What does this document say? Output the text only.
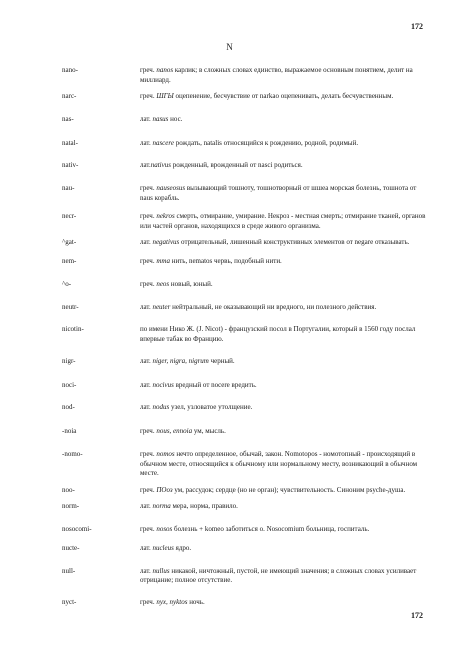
172
N
nano-	греч. nanos карлик; в сложных словах единство, выражаемое основным понятием, делит на миллиард.
narc-	греч. ШГЫ оцепенение, бесчувствие от narkao оцепенивать, делать бесчувственным.
nas-	лат. nasus нос.
natal-	лат. nascere рождать, natalis относящийся к рождению, родной, родимый.
nativ-	лат.nativus рожденный, врожденный от nasci родиться.
nau-	греч. nauseosus вызывающий тошноту, тошнотворный от шшеа морская болезнь, тошнота от naus корабль.
necr-	греч. nekros смерть, отмирание, умирание. Некроз - местная смерть; отмирание тканей, органов или частей органов, находящихся в среде живого организма.
^gat-	лат. negativus отрицательный, лишенный конструктивных элементов от negare отказывать.
nem-	греч. mma нить, nematos червь, подобный нити.
^о-	греч. neos новый, юный.
neutr-	лат. neuter нейтральный, не оказывающий ни вредного, ни полезного действия.
nicotin-	по имени Нико Ж. (J. Nicot) - французский посол в Португалии, который в 1560 году послал впервые табак во Францию.
nigr-	лат. niger, nigra, nigrum черный.
noci-	лат. nocivus вредный от nocere вредить.
nod-	лат. nodus узел, узловатое утолщение.
-noia	греч. nous, ennoia ум, мысль.
-nomo-	греч. nomos нечто определенное, обычай, закон. Nomotopos - номотопный - происходящий в обычном месте, относящийся к обычному или нормальному месту, возникающий в обычном месте.
noo-	греч. ПОоз ум, рассудок; сердце (но не орган); чувствительность. Синоним psyche-душа.
norm-	лат. norma мера, норма, правило.
nosocomi-	греч. nosos болезнь + komeo заботиться о. Nosocomium больница, госпиталь.
nucte-	лат. nucleus ядро.
null-	лат. nullus никакой, ничтожный, пустой, не имеющий значения; в сложных словах усиливает отрицание; полное отсутствие.
nyct-	греч. nyx, nyktos ночь.
172
